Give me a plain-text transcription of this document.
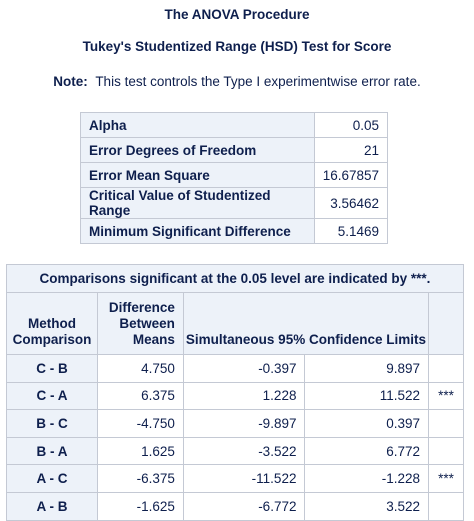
The ANOVA Procedure
Tukey's Studentized Range (HSD) Test for Score
Note: This test controls the Type I experimentwise error rate.
Alpha	0.05
Error Degrees of Freedom	21
Error Mean Square	16.67857
Critical Value of Studentized Range	3.56462
Minimum Significant Difference	5.1469
Comparisons significant at the 0.05 level are indicated by ***.				
Method
Comparison	Difference
Between
Means	Simultaneous 95% Confidence Limits		
C - B	4.750	-0.397	9.897	
C - A	6.375	1.228	11.522	***
B - C	-4.750	-9.897	0.397	
B - A	1.625	-3.522	6.772	
A - C	-6.375	-11.522	-1.228	***
A - B	-1.625	-6.772	3.522	
